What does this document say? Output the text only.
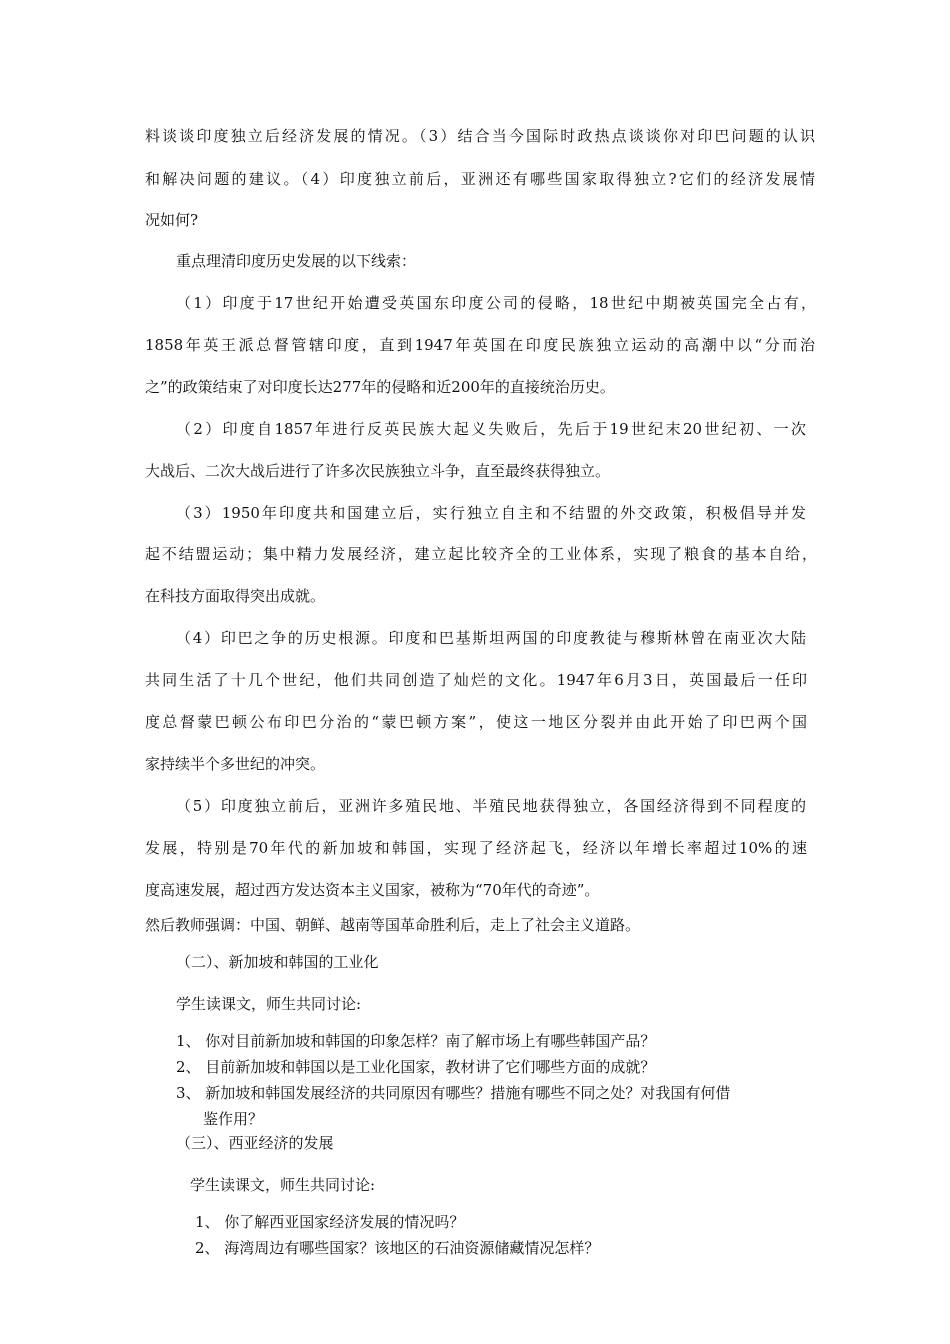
料谈谈印度独立后经济发展的情况。（3）结合当今国际时政热点谈谈你对印巴问题的认识
和解决问题的建议。（4）印度独立前后，亚洲还有哪些国家取得独立?它们的经济发展情
况如何?
重点理清印度历史发展的以下线索：
（1）印度于17世纪开始遭受英国东印度公司的侵略，18世纪中期被英国完全占有，
1858年英王派总督管辖印度，直到1947年英国在印度民族独立运动的高潮中以“分而治
之”的政策结束了对印度长达277年的侵略和近200年的直接统治历史。
（2）印度自1857年进行反英民族大起义失败后，先后于19世纪末20世纪初、一次
大战后、二次大战后进行了许多次民族独立斗争，直至最终获得独立。
（3）1950年印度共和国建立后，实行独立自主和不结盟的外交政策，积极倡导并发
起不结盟运动；集中精力发展经济，建立起比较齐全的工业体系，实现了粮食的基本自给，
在科技方面取得突出成就。
（4）印巴之争的历史根源。印度和巴基斯坦两国的印度教徒与穆斯林曾在南亚次大陆
共同生活了十几个世纪，他们共同创造了灿烂的文化。1947年6月3日，英国最后一任印
度总督蒙巴顿公布印巴分治的“蒙巴顿方案”，使这一地区分裂并由此开始了印巴两个国
家持续半个多世纪的冲突。
（5）印度独立前后，亚洲许多殖民地、半殖民地获得独立，各国经济得到不同程度的
发展，特别是70年代的新加坡和韩国，实现了经济起飞，经济以年增长率超过10%的速
度高速发展，超过西方发达资本主义国家，被称为“70年代的奇迹”。
然后教师强调：中国、朝鲜、越南等国革命胜利后，走上了社会主义道路。
（二）、新加坡和韩国的工业化
学生读课文，师生共同讨论:
1、 你对目前新加坡和韩国的印象怎样？南了解市场上有哪些韩国产品？
2、 目前新加坡和韩国以是工业化国家，教材讲了它们哪些方面的成就？
3、 新加坡和韩国发展经济的共同原因有哪些？措施有哪些不同之处？对我国有何借
鉴作用？
（三）、西亚经济的发展
学生读课文，师生共同讨论:
1、 你了解西亚国家经济发展的情况吗？
2、 海湾周边有哪些国家？该地区的石油资源储藏情况怎样？
